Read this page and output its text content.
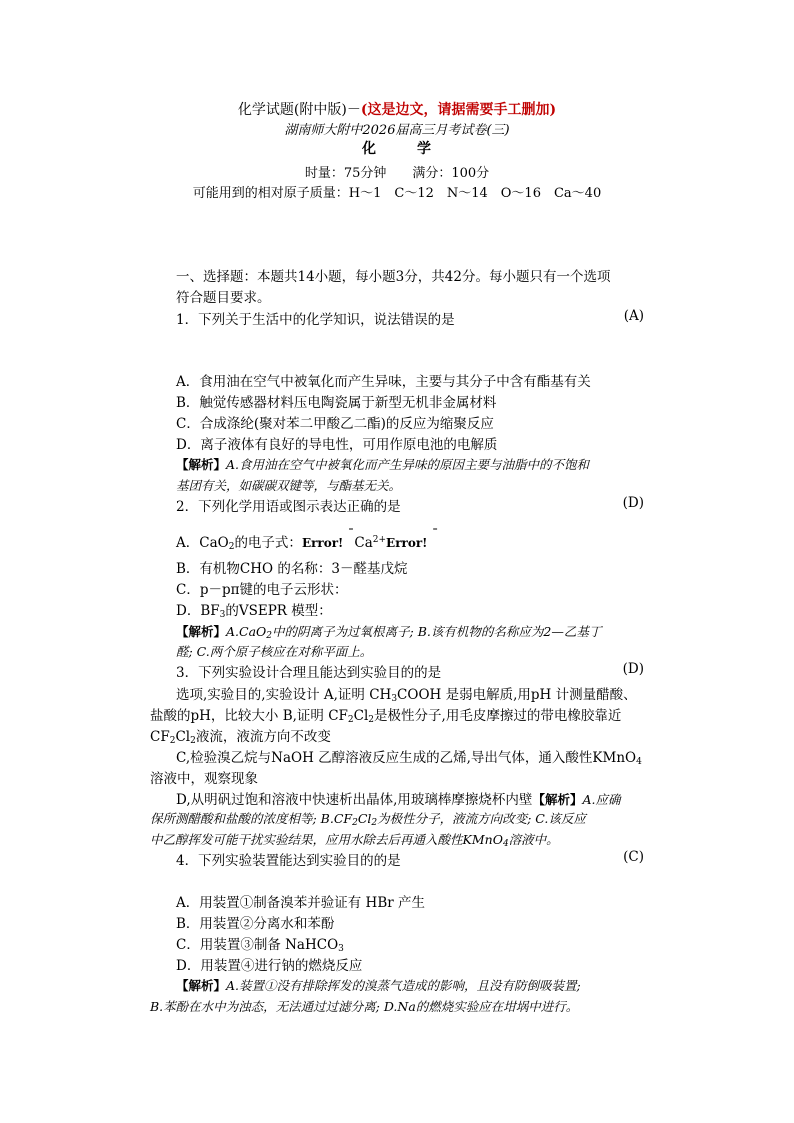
化学试题(附中版)－(这是边文，请据需要手工删加)
湖南师大附中2026届高三月考试卷(三)
化	学
时量：75分钟 满分：100分
可能用到的相对原子质量：H～1　C～12　N～14　O～16　Ca～40
一、选择题：本题共14小题，每小题3分，共42分。每小题只有一个选项
符合题目要求。
1．下列关于生活中的化学知识，说法错误的是	(A)
A．食用油在空气中被氧化而产生异味，主要与其分子中含有酯基有关
B．触觉传感器材料压电陶瓷属于新型无机非金属材料
C．合成涤纶(聚对苯二甲酸乙二酯)的反应为缩聚反应
D．离子液体有良好的导电性，可用作原电池的电解质
【解析】A.食用油在空气中被氧化而产生异味的原因主要与油脂中的不饱和
基团有关，如碳碳双键等，与酯基无关。
2．下列化学用语或图示表达正确的是	(D)
A．CaO$_2$的电子式：Error! $¯Ca^{2+}Error$! ¯
B．有机物CHO 的名称：3－醛基戊烷
C．p－pπ键的电子云形状：
D．$BF_3$的VSEPR 模型：
【解析】A.CaO$_2$中的阴离子为过氧根离子; B.该有机物的名称应为2—乙基丁
醛; C.两个原子核应在对称平面上。
3．下列实验设计合理且能达到实验目的的是	(D)
选项,实验目的,实验设计 A,证明 $CH_3COOH$ 是弱电解质,用pH 计测量醋酸、
盐酸的pH，比较大小 B,证明 $CF_2Cl_2$是极性分子,用毛皮摩擦过的带电橡胶靠近
$CF_2Cl_2$液流，液流方向不改变
C,检验溴乙烷与NaOH 乙醇溶液反应生成的乙烯,导出气体，通入酸性KMnO$_4$
溶液中，观察现象
D,从明矾过饱和溶液中快速析出晶体,用玻璃棒摩擦烧杯内壁【解析】A.应确
保所测醋酸和盐酸的浓度相等; $B.CF_2Cl_2$为极性分子，液流方向改变; C.该反应
中乙醇挥发可能干扰实验结果，应用水除去后再通入酸性KMnO$_4$溶液中。
4．下列实验装置能达到实验目的的是	(C)
A．用装置①制备溴苯并验证有 HBr 产生
B．用装置②分离水和苯酚
C．用装置③制备 NaHCO$_3$
D．用装置④进行钠的燃烧反应
【解析】A.装置①没有排除挥发的溴蒸气造成的影响，且没有防倒吸装置;
B.苯酚在水中为浊态，无法通过过滤分离; D.Na的燃烧实验应在坩埚中进行。
